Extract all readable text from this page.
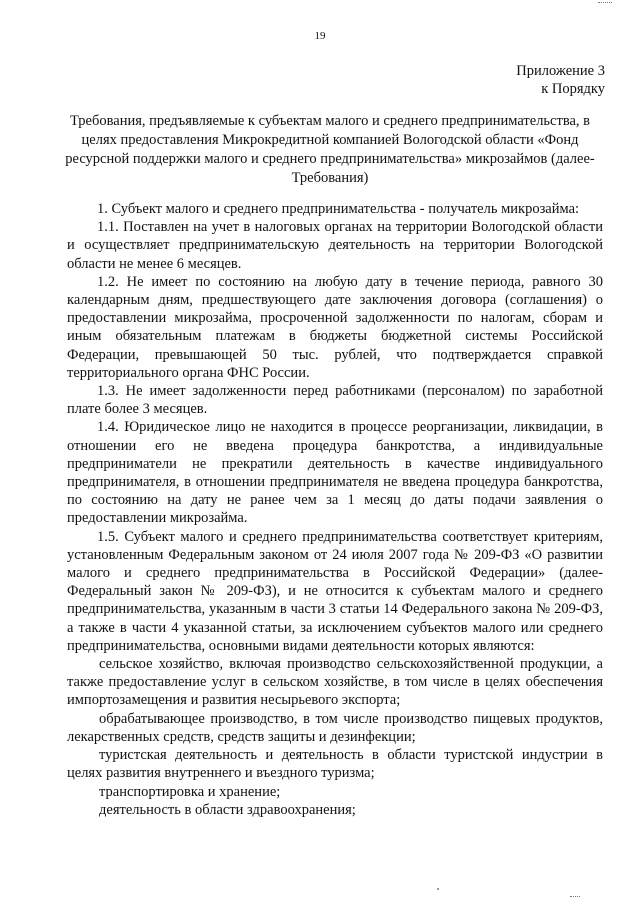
19
Приложение 3
к Порядку
Требования, предъявляемые к субъектам малого и среднего предпринимательства, в целях предоставления Микрокредитной компанией Вологодской области «Фонд ресурсной поддержки малого и среднего предпринимательства» микрозаймов (далее-Требования)

1. Субъект малого и среднего предпринимательства - получатель микрозайма:

1.1. Поставлен на учет в налоговых органах на территории Вологодской области и осуществляет предпринимательскую деятельность на территории Вологодской области не менее 6 месяцев.

1.2. Не имеет по состоянию на любую дату в течение периода, равного 30 календарным дням, предшествующего дате заключения договора (соглашения) о предоставлении микрозайма, просроченной задолженности по налогам, сборам и иным обязательным платежам в бюджеты бюджетной системы Российской Федерации, превышающей 50 тыс. рублей, что подтверждается справкой территориального органа ФНС России.

1.3. Не имеет задолженности перед работниками (персоналом) по заработной плате более 3 месяцев.

1.4. Юридическое лицо не находится в процессе реорганизации, ликвидации, в отношении его не введена процедура банкротства, а индивидуальные предприниматели не прекратили деятельность в качестве индивидуального предпринимателя, в отношении предпринимателя не введена процедура банкротства, по состоянию на дату не ранее чем за 1 месяц до даты подачи заявления о предоставлении микрозайма.

1.5. Субъект малого и среднего предпринимательства соответствует критериям, установленным Федеральным законом от 24 июля 2007 года № 209-ФЗ «О развитии малого и среднего предпринимательства в Российской Федерации» (далее-Федеральный закон № 209-ФЗ), и не относится к субъектам малого и среднего предпринимательства, указанным в части 3 статьи 14 Федерального закона № 209-ФЗ, а также в части 4 указанной статьи, за исключением субъектов малого или среднего предпринимательства, основными видами деятельности которых являются:

сельское хозяйство, включая производство сельскохозяйственной продукции, а также предоставление услуг в сельском хозяйстве, в том числе в целях обеспечения импортозамещения и развития несырьевого экспорта;

обрабатывающее производство, в том числе производство пищевых продуктов, лекарственных средств, средств защиты и дезинфекции;

туристская деятельность и деятельность в области туристской индустрии в целях развития внутреннего и въездного туризма;

транспортировка и хранение;

деятельность в области здравоохранения;
